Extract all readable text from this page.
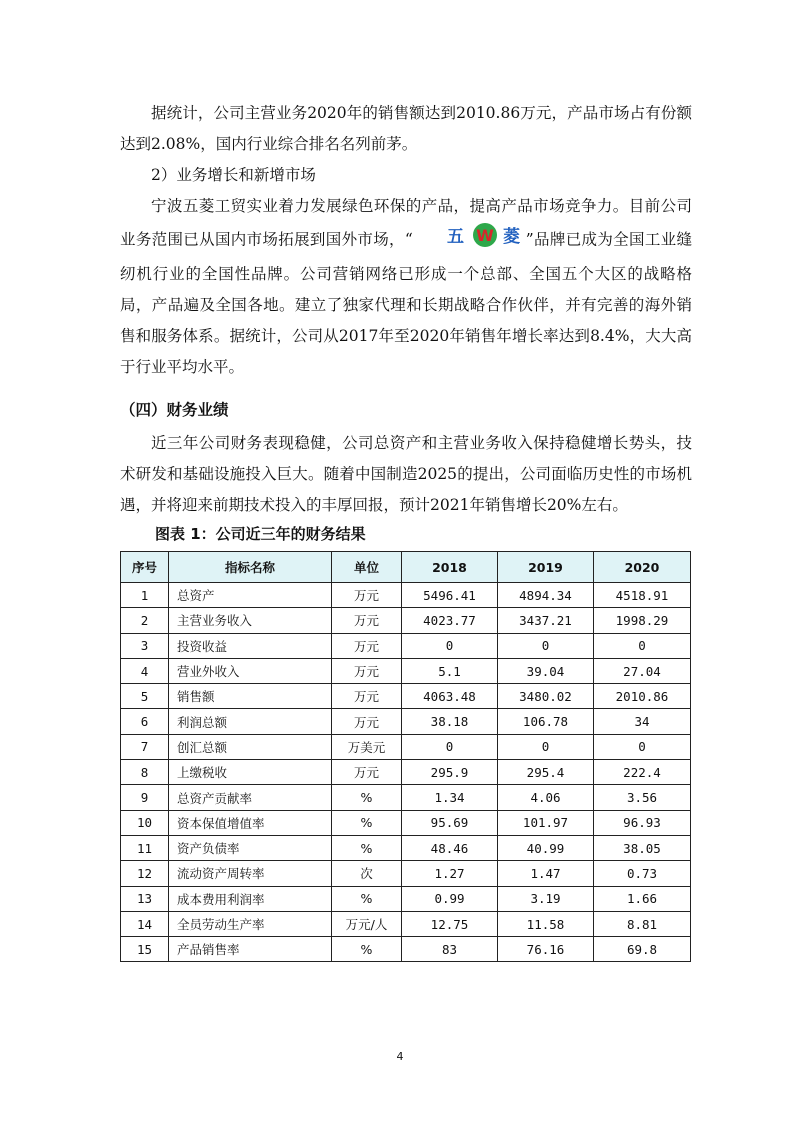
据统计，公司主营业务2020年的销售额达到2010.86万元，产品市场占有份额达到2.08%，国内行业综合排名名列前茅。

2）业务增长和新增市场

宁波五菱工贸实业着力发展绿色环保的产品，提高产品市场竞争力。目前公司业务范围已从国内市场拓展到国外市场，“ 五 W 菱 ”品牌已成为全国工业缝纫机行业的全国性品牌。公司营销网络已形成一个总部、全国五个大区的战略格局，产品遍及全国各地。建立了独家代理和长期战略合作伙伴，并有完善的海外销售和服务体系。据统计，公司从2017年至2020年销售年增长率达到8.4%，大大高于行业平均水平。

（四）财务业绩

近三年公司财务表现稳健，公司总资产和主营业务收入保持稳健增长势头，技术研发和基础设施投入巨大。随着中国制造2025的提出，公司面临历史性的市场机遇，并将迎来前期技术投入的丰厚回报，预计2021年销售增长20%左右。

图表 1：公司近三年的财务结果
序号	指标名称	单位	2018	2019	2020
1	总资产	万元	5496.41	4894.34	4518.91
2	主营业务收入	万元	4023.77	3437.21	1998.29
3	投资收益	万元	0	0	0
4	营业外收入	万元	5.1	39.04	27.04
5	销售额	万元	4063.48	3480.02	2010.86
6	利润总额	万元	38.18	106.78	34
7	创汇总额	万美元	0	0	0
8	上缴税收	万元	295.9	295.4	222.4
9	总资产贡献率	%	1.34	4.06	3.56
10	资本保值增值率	%	95.69	101.97	96.93
11	资产负债率	%	48.46	40.99	38.05
12	流动资产周转率	次	1.27	1.47	0.73
13	成本费用利润率	%	0.99	3.19	1.66
14	全员劳动生产率	万元/人	12.75	11.58	8.81
15	产品销售率	%	83	76.16	69.8
4
